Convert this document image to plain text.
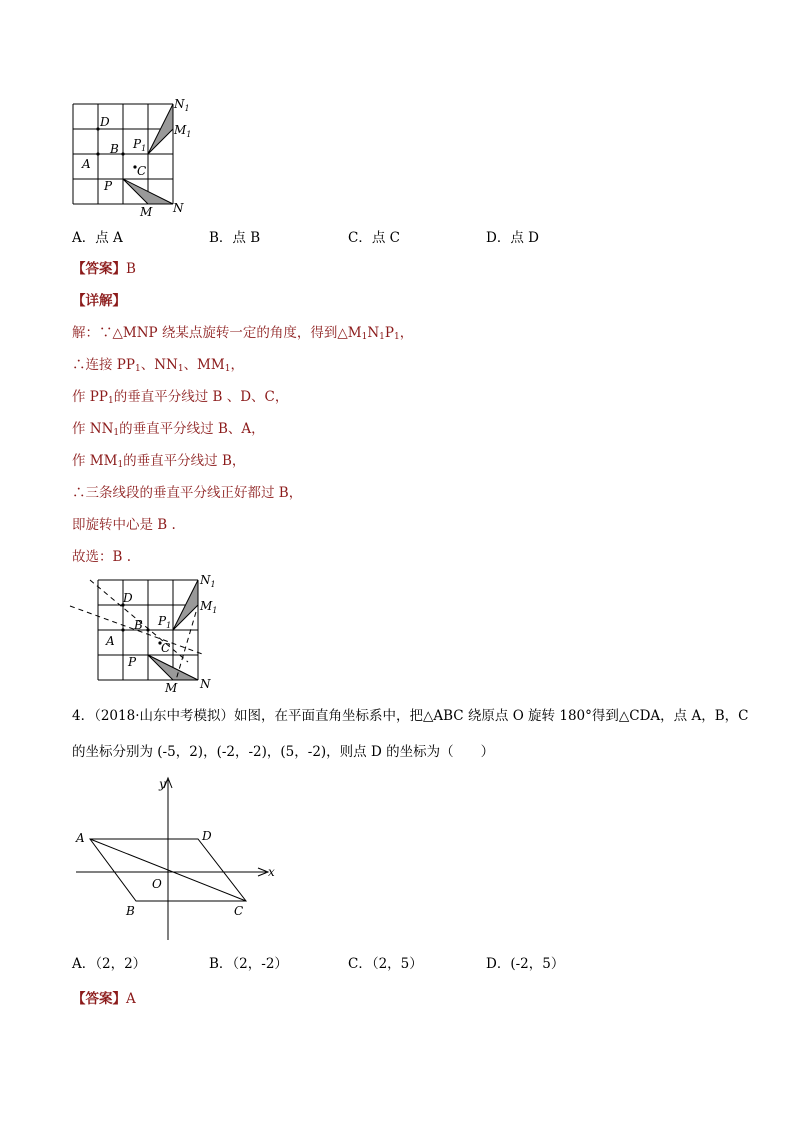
$N_1$
$M_1$
D
B $P_1$
A	C
P
M N
A．点 A	B．点 B	C．点 C	D．点 D
【答案】B
【详解】
解：∵△MNP 绕某点旋转一定的角度，得到$\triangle M_1N_1P_1$，
∴连接 $PP_1$、$NN_1$、$MM_1$，
作 $PP_1$的垂直平分线过 B 、D、C，
作 $NN_1$的垂直平分线过 B、A，
作 $MM_1$的垂直平分线过 B，
∴三条线段的垂直平分线正好都过 B，
即旋转中心是 B .
故选：B .
$N_1$
$M_1$
D
B $P_1$
A	C
P
M N
4．（2018·山东中考模拟）如图，在平面直角坐标系中，把△ABC 绕原点 O 旋转 180°得到△CDA，点 A，B，C
的坐标分别为 (-5，2)，(-2，-2)，(5，-2)，则点 D 的坐标为（　　）
y
x
A	D
O
B	C
A．（2，2）	B．（2，-2）	C．（2，5）	D．(-2，5）
【答案】A
